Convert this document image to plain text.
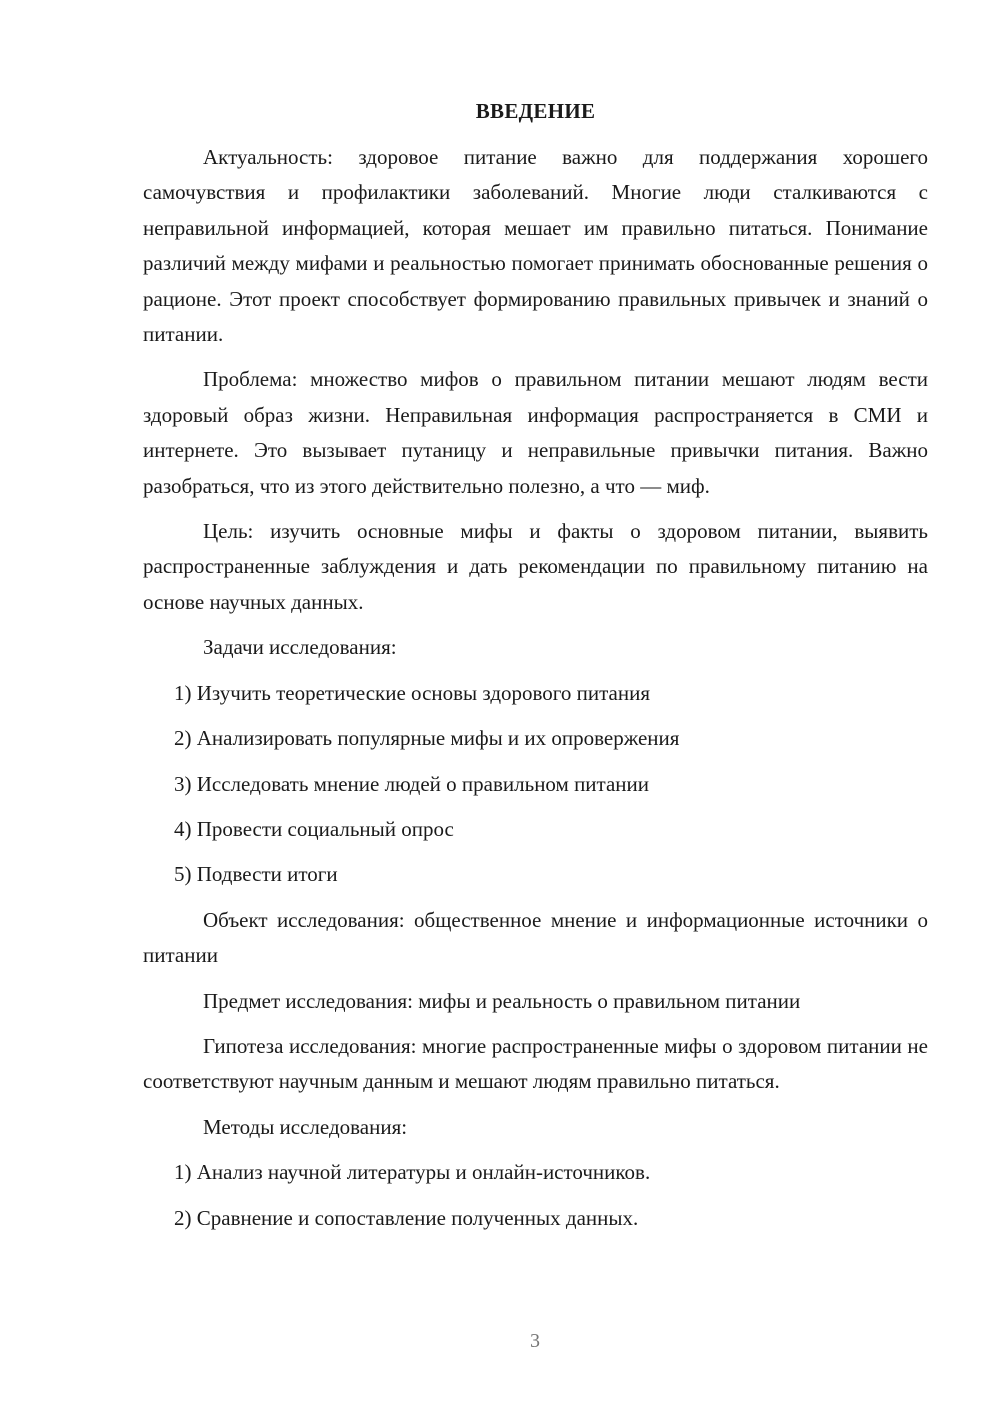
ВВЕДЕНИЕ

Актуальность: здоровое питание важно для поддержания хорошего самочувствия и профилактики заболеваний. Многие люди сталкиваются с неправильной информацией, которая мешает им правильно питаться. Понимание различий между мифами и реальностью помогает принимать обоснованные решения о рационе. Этот проект способствует формированию правильных привычек и знаний о питании.

Проблема: множество мифов о правильном питании мешают людям вести здоровый образ жизни. Неправильная информация распространяется в СМИ и интернете. Это вызывает путаницу и неправильные привычки питания. Важно разобраться, что из этого действительно полезно, а что — миф.

Цель: изучить основные мифы и факты о здоровом питании, выявить распространенные заблуждения и дать рекомендации по правильному питанию на основе научных данных.

Задачи исследования:

1) Изучить теоретические основы здорового питания

2) Анализировать популярные мифы и их опровержения

3) Исследовать мнение людей о правильном питании

4) Провести социальный опрос

5) Подвести итоги

Объект исследования: общественное мнение и информационные источники о питании

Предмет исследования: мифы и реальность о правильном питании

Гипотеза исследования: многие распространенные мифы о здоровом питании не соответствуют научным данным и мешают людям правильно питаться.

Методы исследования:

1) Анализ научной литературы и онлайн-источников.

2) Сравнение и сопоставление полученных данных.

3
